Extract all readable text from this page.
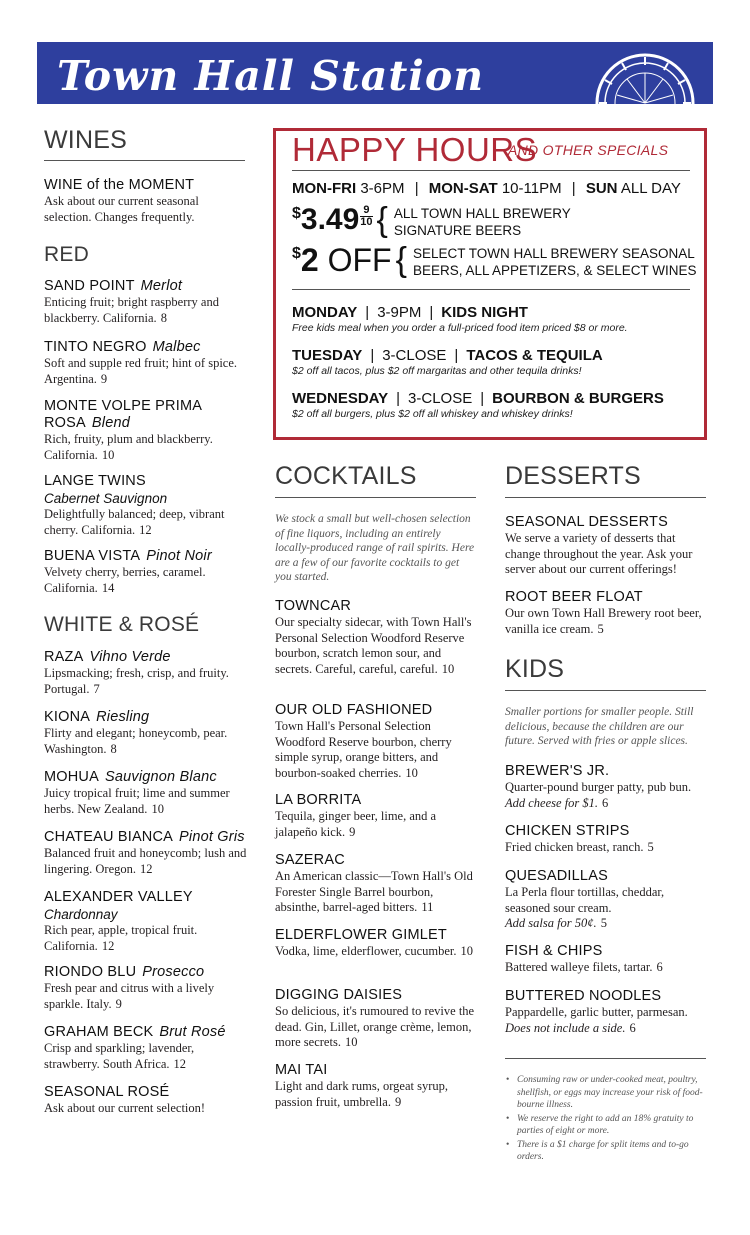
Town Hall Station
WINES
WINE of the MOMENT
Ask about our current seasonal selection. Changes frequently.
RED
SAND POINT Merlot
Enticing fruit; bright raspberry and blackberry. California. 8
TINTO NEGRO Malbec
Soft and supple red fruit; hint of spice. Argentina. 9
MONTE VOLPE PRIMA ROSA Blend
Rich, fruity, plum and blackberry. California. 10
LANGE TWINS
Cabernet Sauvignon
Delightfully balanced; deep, vibrant cherry. California. 12
BUENA VISTA Pinot Noir
Velvety cherry, berries, caramel. California. 14
WHITE & ROSÉ
RAZA Vihno Verde
Lipsmacking; fresh, crisp, and fruity. Portugal. 7
KIONA Riesling
Flirty and elegant; honeycomb, pear. Washington. 8
MOHUA Sauvignon Blanc
Juicy tropical fruit; lime and summer herbs. New Zealand. 10
CHATEAU BIANCA Pinot Gris
Balanced fruit and honeycomb; lush and lingering. Oregon. 12
ALEXANDER VALLEY
Chardonnay
Rich pear, apple, tropical fruit. California. 12
RIONDO BLU Prosecco
Fresh pear and citrus with a lively sparkle. Italy. 9
GRAHAM BECK Brut Rosé
Crisp and sparkling; lavender, strawberry. South Africa. 12
SEASONAL ROSÉ
Ask about our current selection!
HAPPY HOURS
AND OTHER SPECIALS
MON-FRI 3-6PM | MON-SAT 10-11PM | SUN ALL DAY
$^{\$}3.49 \frac{9}{10}$ { ALL TOWN HALL BREWERY
SIGNATURE BEERS
$2 OFF { SELECT TOWN HALL BREWERY SEASONAL
BEERS, ALL APPETIZERS, & SELECT WINES
MONDAY | 3-9PM | KIDS NIGHT
Free kids meal when you order a full-priced food item priced $8 or more.
TUESDAY | 3-CLOSE | TACOS & TEQUILA
$2 off all tacos, plus $2 off margaritas and other tequila drinks!
WEDNESDAY | 3-CLOSE | BOURBON & BURGERS
$2 off all burgers, plus $2 off all whiskey and whiskey drinks!
COCKTAILS
We stock a small but well-chosen selection of fine liquors, including an entirely locally-produced range of rail spirits. Here are a few of our favorite cocktails to get you started.
TOWNCAR
Our specialty sidecar, with Town Hall's Personal Selection Woodford Reserve bourbon, scratch lemon sour, and secrets. Careful, careful, careful. 10
OUR OLD FASHIONED
Town Hall's Personal Selection Woodford Reserve bourbon, cherry simple syrup, orange bitters, and bourbon-soaked cherries. 10
LA BORRITA
Tequila, ginger beer, lime, and a jalapeño kick. 9
SAZERAC
An American classic—Town Hall's Old Forester Single Barrel bourbon, absinthe, barrel-aged bitters. 11
ELDERFLOWER GIMLET
Vodka, lime, elderflower, cucumber. 10
DIGGING DAISIES
So delicious, it's rumoured to revive the dead. Gin, Lillet, orange crème, lemon, more secrets. 10
MAI TAI
Light and dark rums, orgeat syrup, passion fruit, umbrella. 9
DESSERTS
SEASONAL DESSERTS
We serve a variety of desserts that change throughout the year. Ask your server about our current offerings!
ROOT BEER FLOAT
Our own Town Hall Brewery root beer, vanilla ice cream. 5
KIDS
Smaller portions for smaller people. Still delicious, because the children are our future. Served with fries or apple slices.
BREWER'S JR.
Quarter-pound burger patty, pub bun.
Add cheese for $1. 6
CHICKEN STRIPS
Fried chicken breast, ranch. 5
QUESADILLAS
La Perla flour tortillas, cheddar, seasoned sour cream.
Add salsa for 50¢. 5
FISH & CHIPS
Battered walleye filets, tartar. 6
BUTTERED NOODLES
Pappardelle, garlic butter, parmesan.
Does not include a side. 6
• Consuming raw or under-cooked meat, poultry, shellfish, or eggs may increase your risk of food-bourne illness.
• We reserve the right to add an 18% gratuity to parties of eight or more.
• There is a $1 charge for split items and to-go orders.
